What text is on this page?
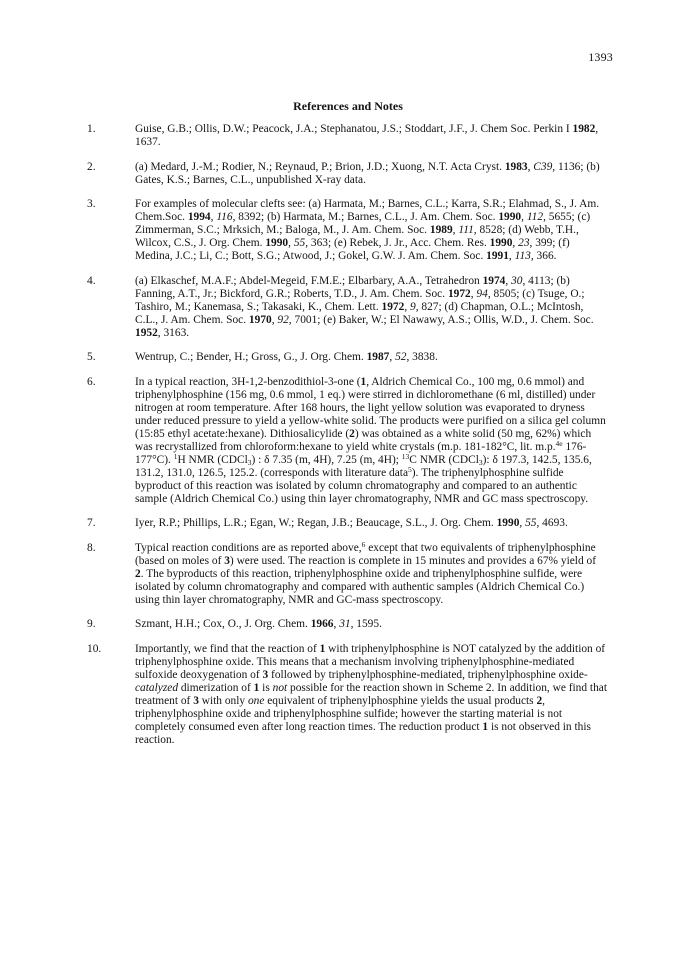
1393
References and Notes
1.	Guise, G.B.; Ollis, D.W.; Peacock, J.A.; Stephanatou, J.S.; Stoddart, J.F., J. Chem Soc. Perkin I 1982, 1637.
2.	(a) Medard, J.-M.; Rodier, N.; Reynaud, P.; Brion, J.D.; Xuong, N.T. Acta Cryst. 1983, C39, 1136; (b) Gates, K.S.; Barnes, C.L., unpublished X-ray data.
3.	For examples of molecular clefts see: (a) Harmata, M.; Barnes, C.L.; Karra, S.R.; Elahmad, S., J. Am. Chem.Soc. 1994, 116, 8392; (b) Harmata, M.; Barnes, C.L., J. Am. Chem. Soc. 1990, 112, 5655; (c) Zimmerman, S.C.; Mrksich, M.; Baloga, M., J. Am. Chem. Soc. 1989, 111, 8528; (d) Webb, T.H., Wilcox, C.S., J. Org. Chem. 1990, 55, 363; (e) Rebek, J. Jr., Acc. Chem. Res. 1990, 23, 399; (f) Medina, J.C.; Li, C.; Bott, S.G.; Atwood, J.; Gokel, G.W. J. Am. Chem. Soc. 1991, 113, 366.
4.	(a) Elkaschef, M.A.F.; Abdel-Megeid, F.M.E.; Elbarbary, A.A., Tetrahedron 1974, 30, 4113; (b) Fanning, A.T., Jr.; Bickford, G.R.; Roberts, T.D., J. Am. Chem. Soc. 1972, 94, 8505; (c) Tsuge, O.; Tashiro, M.; Kanemasa, S.; Takasaki, K., Chem. Lett. 1972, 9, 827; (d) Chapman, O.L.; McIntosh, C.L., J. Am. Chem. Soc. 1970, 92, 7001; (e) Baker, W.; El Nawawy, A.S.; Ollis, W.D., J. Chem. Soc. 1952, 3163.
5.	Wentrup, C.; Bender, H.; Gross, G., J. Org. Chem. 1987, 52, 3838.
6.	In a typical reaction, 3H-1,2-benzodithiol-3-one (1, Aldrich Chemical Co., 100 mg, 0.6 mmol) and triphenylphosphine (156 mg, 0.6 mmol, 1 eq.) were stirred in dichloromethane (6 ml, distilled) under nitrogen at room temperature. After 168 hours, the light yellow solution was evaporated to dryness under reduced pressure to yield a yellow-white solid. The products were purified on a silica gel column (15:85 ethyl acetate:hexane). Dithiosalicylide (2) was obtained as a white solid (50 mg, 62%) which was recrystallized from chloroform:hexane to yield white crystals (m.p. 181-182°C, lit. m.p.$^{4e}$ 176-177°C). $^1$H NMR (CDCl$_3$) : δ 7.35 (m, 4H), 7.25 (m, 4H); $^{13}$C NMR (CDCl$_3$): δ 197.3, 142.5, 135.6, 131.2, 131.0, 126.5, 125.2. (corresponds with literature data$^5$). The triphenylphosphine sulfide byproduct of this reaction was isolated by column chromatography and compared to an authentic sample (Aldrich Chemical Co.) using thin layer chromatography, NMR and GC mass spectroscopy.
7.	Iyer, R.P.; Phillips, L.R.; Egan, W.; Regan, J.B.; Beaucage, S.L., J. Org. Chem. 1990, 55, 4693.
8.	Typical reaction conditions are as reported above,$^6$ except that two equivalents of triphenylphosphine (based on moles of 3) were used. The reaction is complete in 15 minutes and provides a 67% yield of 2. The byproducts of this reaction, triphenylphosphine oxide and triphenylphosphine sulfide, were isolated by column chromatography and compared with authentic samples (Aldrich Chemical Co.) using thin layer chromatography, NMR and GC-mass spectroscopy.
9.	Szmant, H.H.; Cox, O., J. Org. Chem. 1966, 31, 1595.
10.	Importantly, we find that the reaction of 1 with triphenylphosphine is NOT catalyzed by the addition of triphenylphosphine oxide. This means that a mechanism involving triphenylphosphine-mediated sulfoxide deoxygenation of 3 followed by triphenylphosphine-mediated, triphenylphosphine oxide-catalyzed dimerization of 1 is not possible for the reaction shown in Scheme 2. In addition, we find that treatment of 3 with only one equivalent of triphenylphosphine yields the usual products 2, triphenylphosphine oxide and triphenylphosphine sulfide; however the starting material is not completely consumed even after long reaction times. The reduction product 1 is not observed in this reaction.
